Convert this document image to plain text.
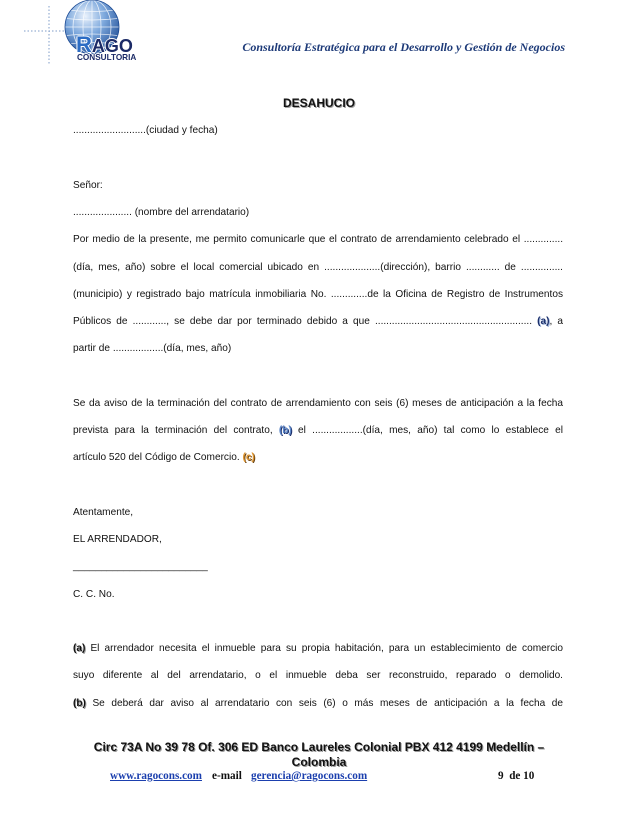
RAGO
CONSULTORIA
Consultoría Estratégica para el Desarrollo y Gestión de Negocios
DESAHUCIO
..........................(ciudad y fecha)
Señor:
..................... (nombre del arrendatario)
Por medio de la presente, me permito comunicarle que el contrato de arrendamiento celebrado el ..............
(día, mes, año) sobre el local comercial ubicado en ....................(dirección), barrio ............ de ...............
(municipio) y registrado bajo matrícula inmobiliaria No. .............de la Oficina de Registro de Instrumentos
Públicos de ............, se debe dar por terminado debido a que ........................................................ (a), a
partir de ..................(día, mes, año)
Se da aviso de la terminación del contrato de arrendamiento con seis (6) meses de anticipación a la fecha
prevista para la terminación del contrato, (b) el ..................(día, mes, año) tal como lo establece el
artículo 520 del Código de Comercio. (c)
Atentamente,
EL ARRENDADOR,
________________________
C. C. No.
(a) El arrendador necesita el inmueble para su propia habitación, para un establecimiento de comercio
suyo diferente al del arrendatario, o el inmueble deba ser reconstruido, reparado o demolido.
(b) Se deberá dar aviso al arrendatario con seis (6) o más meses de anticipación a la fecha de
Circ 73A No 39 78 Of. 306 ED Banco Laureles Colonial PBX 412 4199 Medellín –
Colombia
www.ragocons.com e-mail gerencia@ragocons.com	9  de 10
